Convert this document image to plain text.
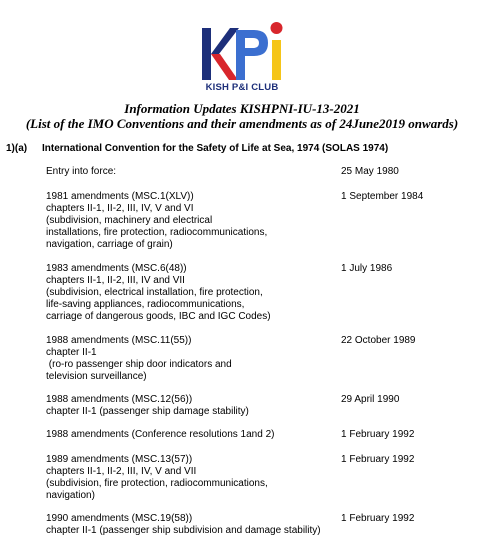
KISH P&I CLUB
Information Updates KISHPNI-IU-13-2021
(List of the IMO Conventions and their amendments as of 24June2019 onwards)
1)(a) International Convention for the Safety of Life at Sea, 1974 (SOLAS 1974)
Entry into force:	25 May 1980
1981 amendments (MSC.1(XLV))
chapters II-1, II-2, III, IV, V and VI
(subdivision, machinery and electrical
installations, fire protection, radiocommunications,
navigation, carriage of grain)
1 September 1984
1983 amendments (MSC.6(48))
chapters II-1, II-2, III, IV and VII
(subdivision, electrical installation, fire protection,
life-saving appliances, radiocommunications,
carriage of dangerous goods, IBC and IGC Codes)
1 July 1986
1988 amendments (MSC.11(55))
chapter II-1
(ro-ro passenger ship door indicators and
television surveillance)
22 October 1989
1988 amendments (MSC.12(56))
chapter II-1 (passenger ship damage stability)
29 April 1990
1988 amendments (Conference resolutions 1and 2)	1 February 1992
1989 amendments (MSC.13(57))
chapters II-1, II-2, III, IV, V and VII
(subdivision, fire protection, radiocommunications,
navigation)
1 February 1992
1990 amendments (MSC.19(58))
chapter II-1 (passenger ship subdivision and damage stability)
1 February 1992
